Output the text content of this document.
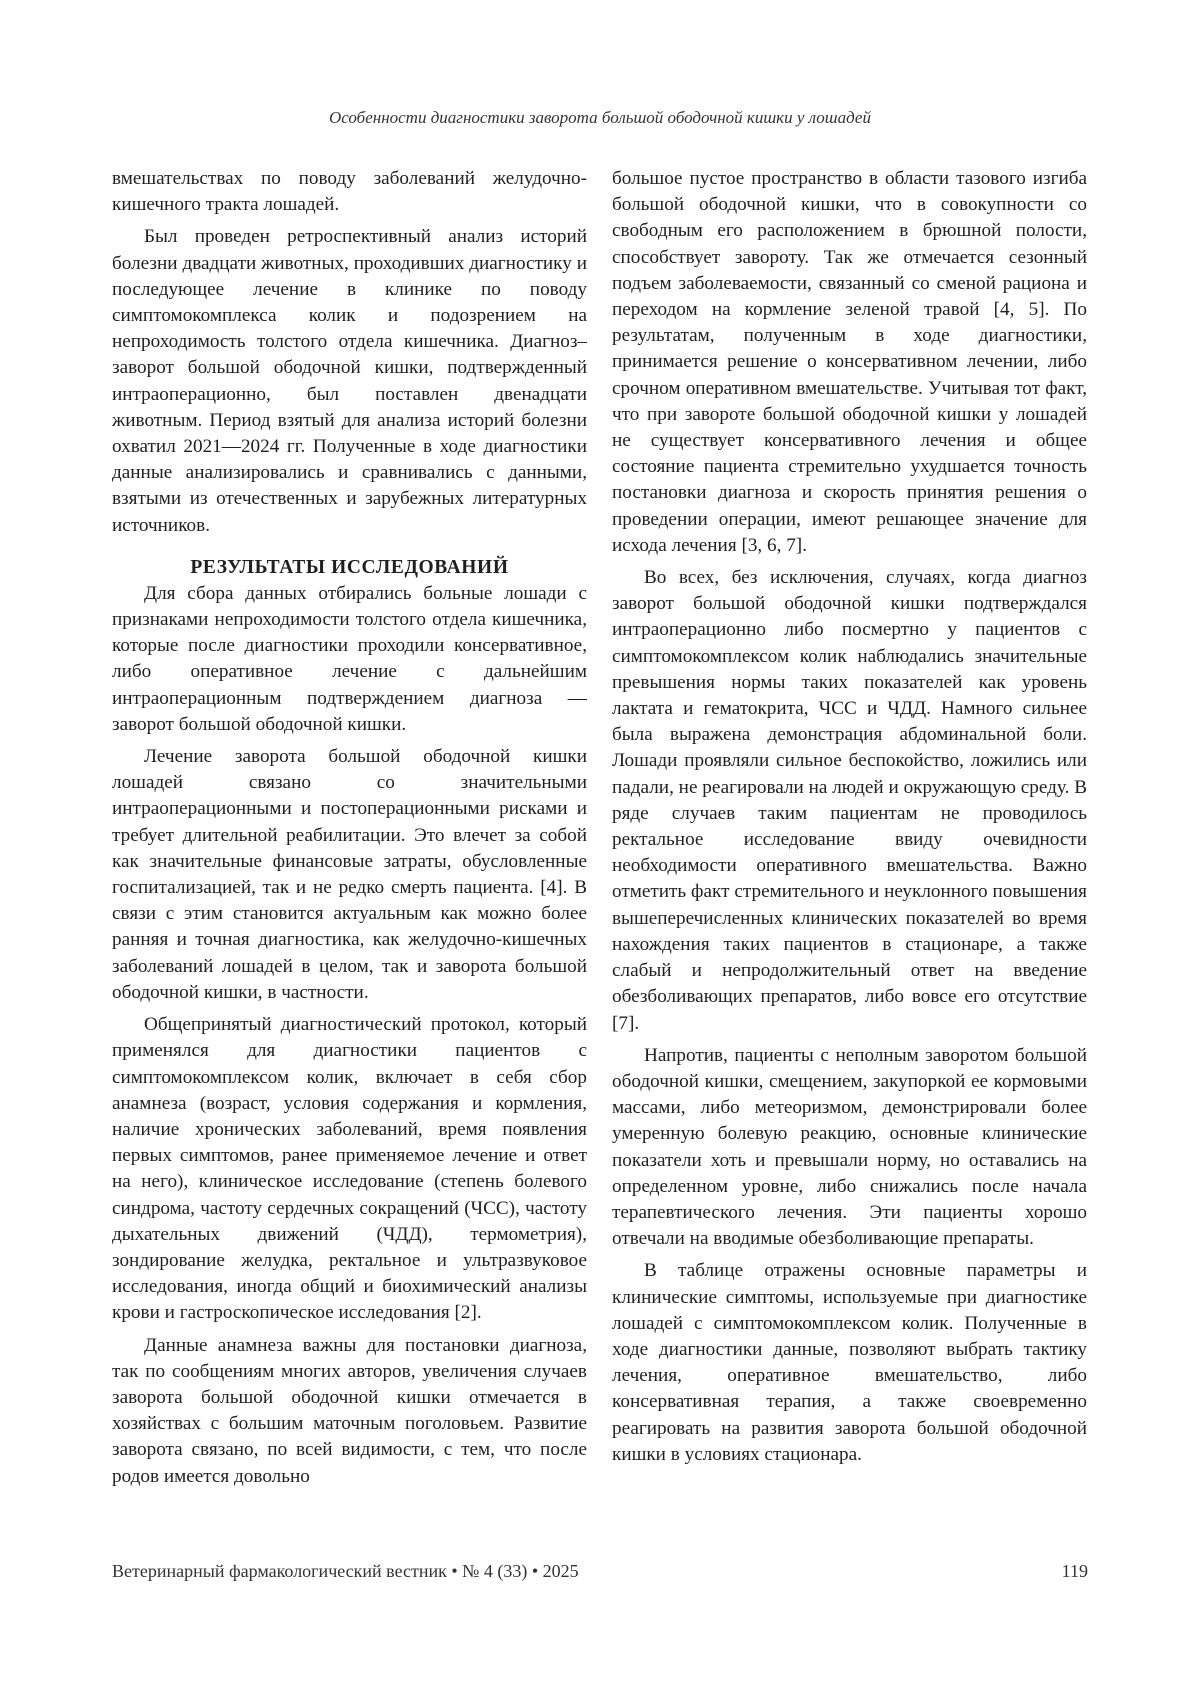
Особенности диагностики заворота большой ободочной кишки у лошадей

вмешательствах по поводу заболеваний желудочно-кишечного тракта лошадей.

Был проведен ретроспективный анализ историй болезни двадцати животных, проходивших диагностику и последующее лечение в клинике по поводу симптомокомплекса колик и подозрением на непроходимость толстого отдела кишечника. Диагноз–заворот большой ободочной кишки, подтвержденный интраоперационно, был поставлен двенадцати животным. Период взятый для анализа историй болезни охватил 2021—2024 гг. Полученные в ходе диагностики данные анализировались и сравнивались с данными, взятыми из отечественных и зарубежных литературных источников.

РЕЗУЛЬТАТЫ ИССЛЕДОВАНИЙ

Для сбора данных отбирались больные лошади с признаками непроходимости толстого отдела кишечника, которые после диагностики проходили консервативное, либо оперативное лечение с дальнейшим интраоперационным подтверждением диагноза — заворот большой ободочной кишки.

Лечение заворота большой ободочной кишки лошадей связано со значительными интраоперационными и постоперационными рисками и требует длительной реабилитации. Это влечет за собой как значительные финансовые затраты, обусловленные госпитализацией, так и не редко смерть пациента. [4]. В связи с этим становится актуальным как можно более ранняя и точная диагностика, как желудочно-кишечных заболеваний лошадей в целом, так и заворота большой ободочной кишки, в частности.

Общепринятый диагностический протокол, который применялся для диагностики пациентов с симптомокомплексом колик, включает в себя сбор анамнеза (возраст, условия содержания и кормления, наличие хронических заболеваний, время появления первых симптомов, ранее применяемое лечение и ответ на него), клиническое исследование (степень болевого синдрома, частоту сердечных сокращений (ЧСС), частоту дыхательных движений (ЧДД), термометрия), зондирование желудка, ректальное и ультразвуковое исследования, иногда общий и биохимический анализы крови и гастроскопическое исследования [2].

Данные анамнеза важны для постановки диагноза, так по сообщениям многих авторов, увеличения случаев заворота большой ободочной кишки отмечается в хозяйствах с большим маточным поголовьем. Развитие заворота связано, по всей видимости, с тем, что после родов имеется довольно

большое пустое пространство в области тазового изгиба большой ободочной кишки, что в совокупности со свободным его расположением в брюшной полости, способствует завороту. Так же отмечается сезонный подъем заболеваемости, связанный со сменой рациона и переходом на кормление зеленой травой [4, 5]. По результатам, полученным в ходе диагностики, принимается решение о консервативном лечении, либо срочном оперативном вмешательстве. Учитывая тот факт, что при завороте большой ободочной кишки у лошадей не существует консервативного лечения и общее состояние пациента стремительно ухудшается точность постановки диагноза и скорость принятия решения о проведении операции, имеют решающее значение для исхода лечения [3, 6, 7].

Во всех, без исключения, случаях, когда диагноз заворот большой ободочной кишки подтверждался интраоперационно либо посмертно у пациентов с симптомокомплексом колик наблюдались значительные превышения нормы таких показателей как уровень лактата и гематокрита, ЧСС и ЧДД. Намного сильнее была выражена демонстрация абдоминальной боли. Лошади проявляли сильное беспокойство, ложились или падали, не реагировали на людей и окружающую среду. В ряде случаев таким пациентам не проводилось ректальное исследование ввиду очевидности необходимости оперативного вмешательства. Важно отметить факт стремительного и неуклонного повышения вышеперечисленных клинических показателей во время нахождения таких пациентов в стационаре, а также слабый и непродолжительный ответ на введение обезболивающих препаратов, либо вовсе его отсутствие [7].

Напротив, пациенты с неполным заворотом большой ободочной кишки, смещением, закупоркой ее кормовыми массами, либо метеоризмом, демонстрировали более умеренную болевую реакцию, основные клинические показатели хоть и превышали норму, но оставались на определенном уровне, либо снижались после начала терапевтического лечения. Эти пациенты хорошо отвечали на вводимые обезболивающие препараты.

В таблице отражены основные параметры и клинические симптомы, используемые при диагностике лошадей с симптомокомплексом колик. Полученные в ходе диагностики данные, позволяют выбрать тактику лечения, оперативное вмешательство, либо консервативная терапия, а также своевременно реагировать на развития заворота большой ободочной кишки в условиях стационара.

Ветеринарный фармакологический вестник • № 4 (33) • 2025	119
